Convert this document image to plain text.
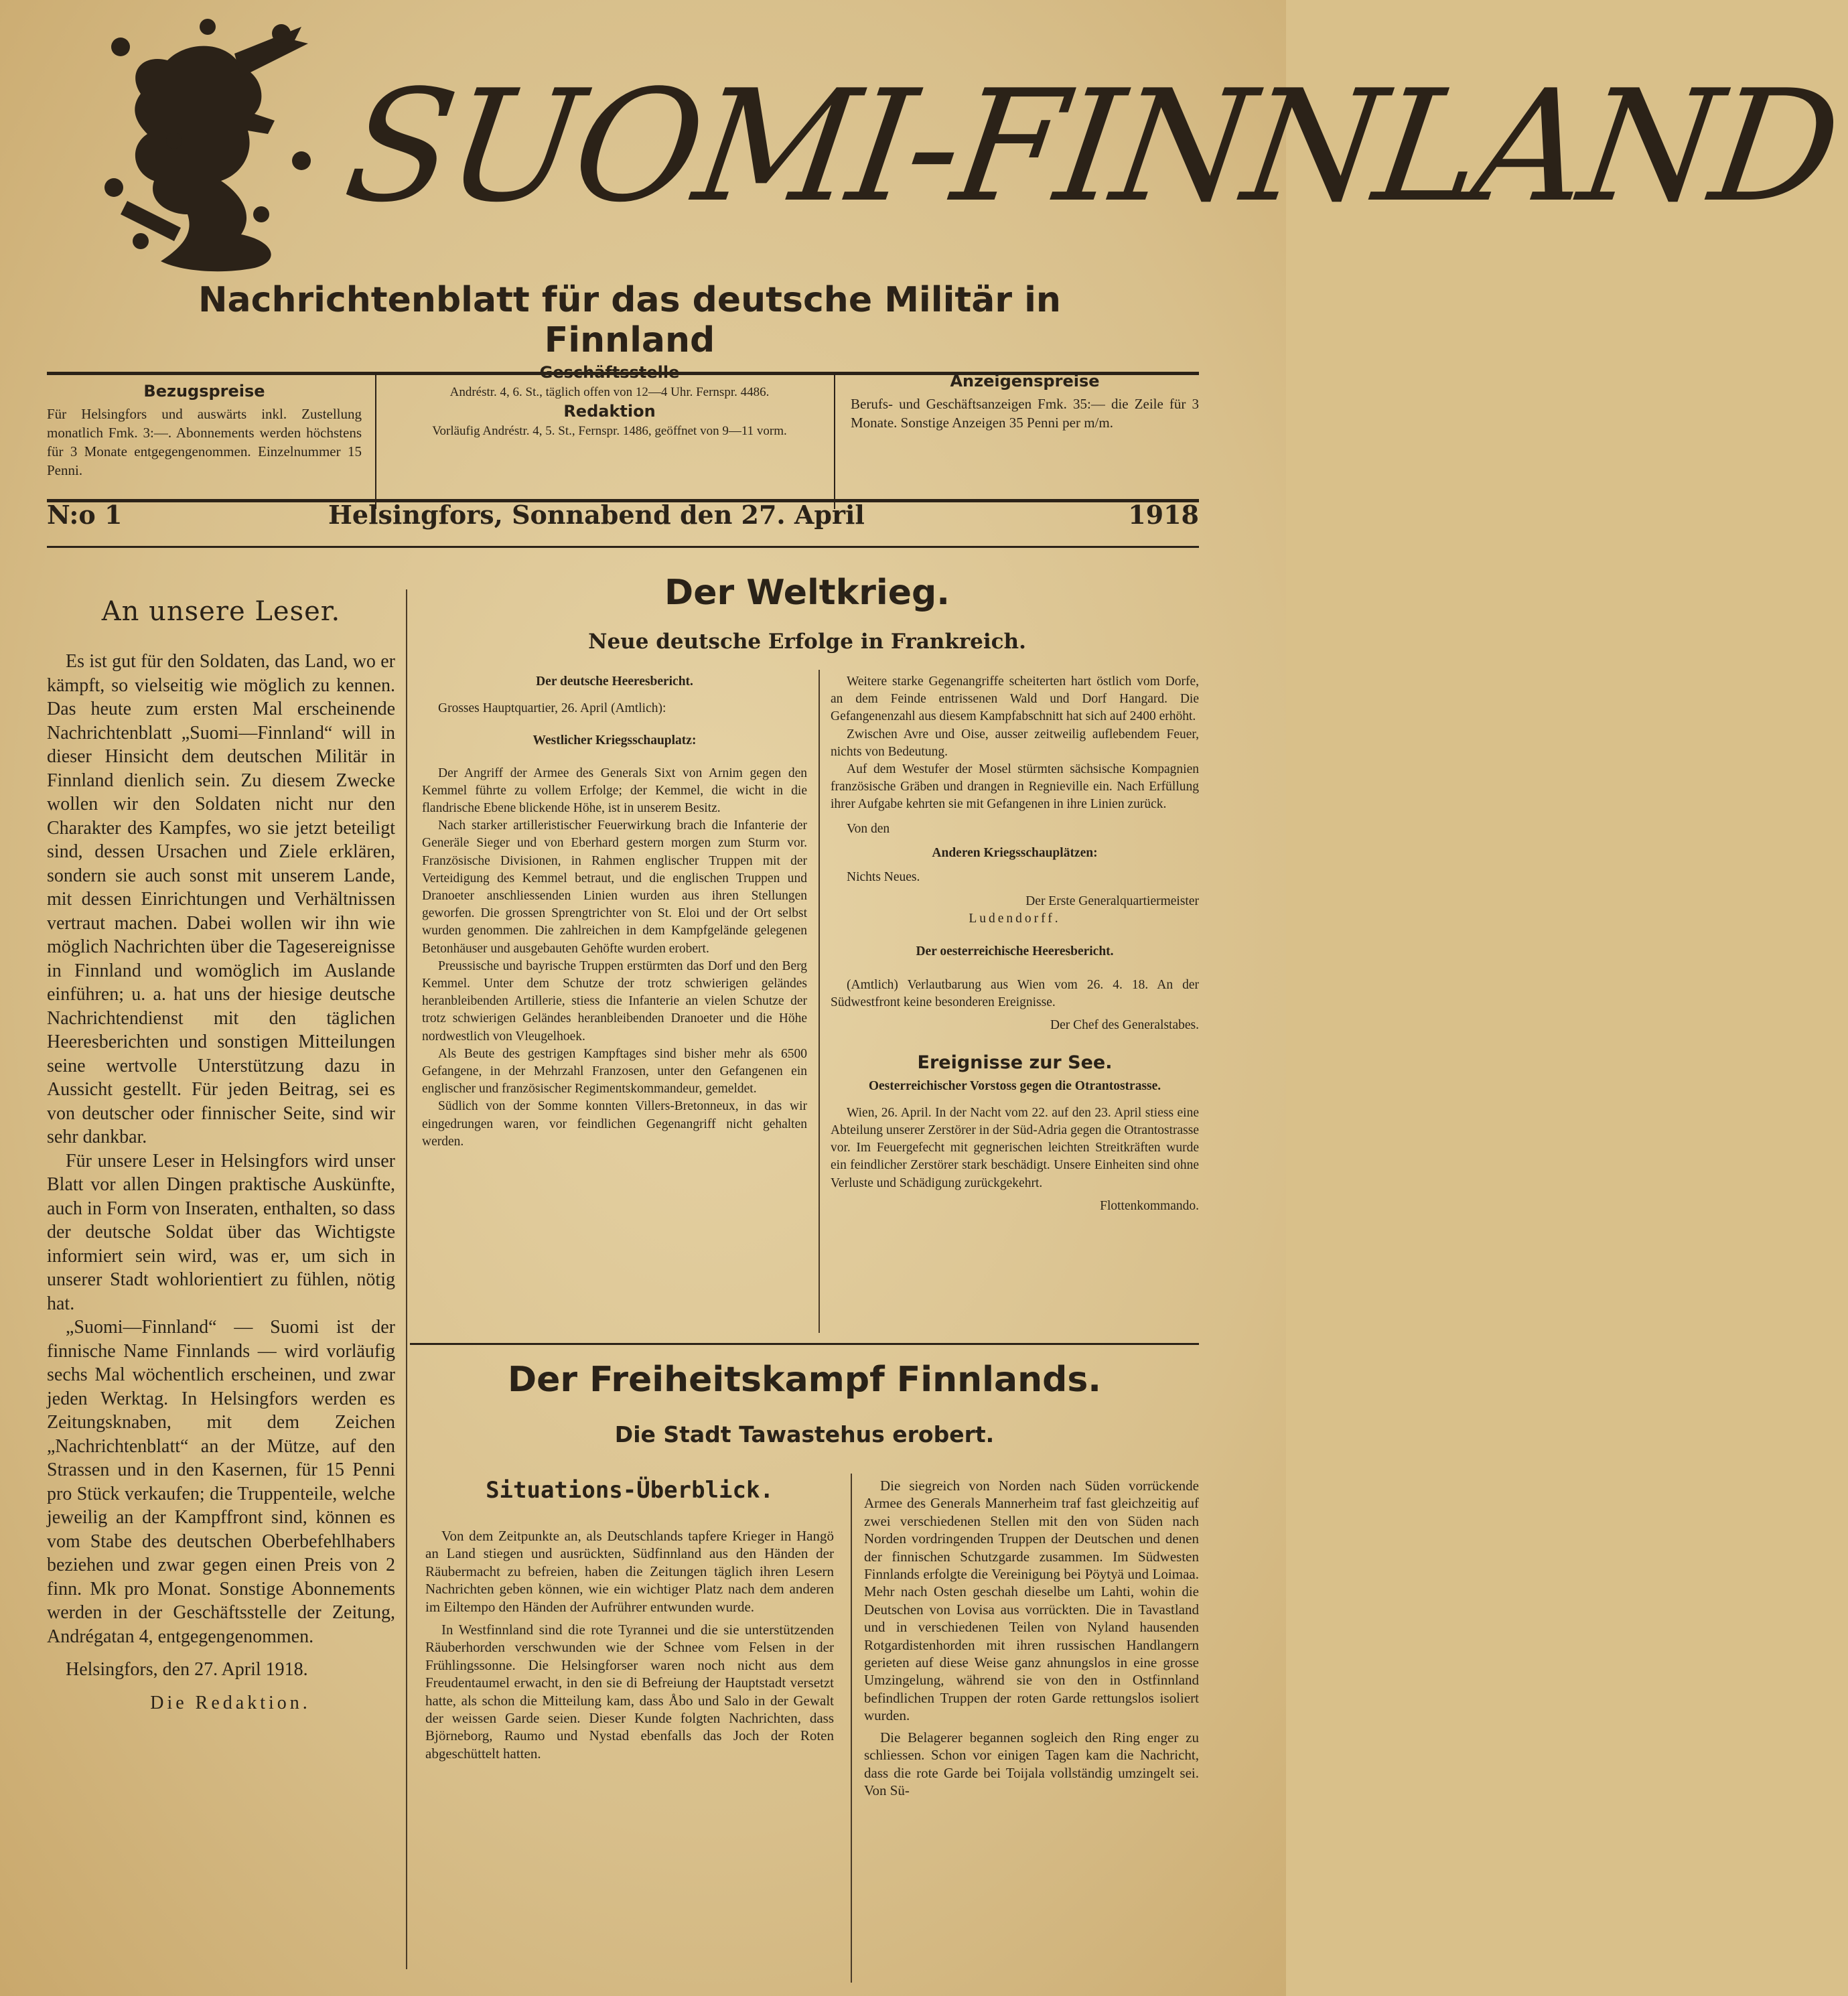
SUOMI-FINNLAND
Nachrichtenblatt für das deutsche Militär in Finnland
Bezugspreise
Für Helsingfors und auswärts inkl. Zustellung monatlich Fmk. 3:—. Abonnements werden höchstens für 3 Monate entgegengenommen. Einzelnummer 15 Penni.
Geschäftsstelle
Andréstr. 4, 6. St., täglich offen von 12—4 Uhr. Fernspr. 4486.
Redaktion
Vorläufig Andréstr. 4, 5. St., Fernspr. 1486, geöffnet von 9—11 vorm.
Anzeigenspreise
Berufs- und Geschäftsanzeigen Fmk. 35:— die Zeile für 3 Monate. Sonstige Anzeigen 35 Penni per m/m.
N:o 1	Helsingfors, Sonnabend den 27. April	1918
An unsere Leser.

Es ist gut für den Soldaten, das Land, wo er kämpft, so vielseitig wie möglich zu kennen. Das heute zum ersten Mal erscheinende Nachrichtenblatt „Suomi—Finnland“ will in dieser Hinsicht dem deutschen Militär in Finnland dienlich sein. Zu diesem Zwecke wollen wir den Soldaten nicht nur den Charakter des Kampfes, wo sie jetzt beteiligt sind, dessen Ursachen und Ziele erklären, sondern sie auch sonst mit unserem Lande, mit dessen Einrichtungen und Verhältnissen vertraut machen. Dabei wollen wir ihn wie möglich Nachrichten über die Tagesereignisse in Finnland und womöglich im Auslande einführen; u. a. hat uns der hiesige deutsche Nachrichtendienst mit den täglichen Heeresberichten und sonstigen Mitteilungen seine wertvolle Unterstützung dazu in Aussicht gestellt. Für jeden Beitrag, sei es von deutscher oder finnischer Seite, sind wir sehr dankbar.

Für unsere Leser in Helsingfors wird unser Blatt vor allen Dingen praktische Auskünfte, auch in Form von Inseraten, enthalten, so dass der deutsche Soldat über das Wichtigste informiert sein wird, was er, um sich in unserer Stadt wohlorientiert zu fühlen, nötig hat.

„Suomi—Finnland“ — Suomi ist der finnische Name Finnlands — wird vorläufig sechs Mal wöchentlich erscheinen, und zwar jeden Werktag. In Helsingfors werden es Zeitungsknaben, mit dem Zeichen „Nachrichtenblatt“ an der Mütze, auf den Strassen und in den Kasernen, für 15 Penni pro Stück verkaufen; die Truppenteile, welche jeweilig an der Kampffront sind, können es vom Stabe des deutschen Oberbefehlhabers beziehen und zwar gegen einen Preis von 2 finn. Mk pro Monat. Sonstige Abonnements werden in der Geschäftsstelle der Zeitung, Andrégatan 4, entgegengenommen.

Helsingfors, den 27. April 1918.

Die Redaktion.

Der Weltkrieg.
Neue deutsche Erfolge in Frankreich.

Der deutsche Heeresbericht.

Grosses Hauptquartier, 26. April (Amtlich):

Westlicher Kriegsschauplatz:

Der Angriff der Armee des Generals Sixt von Arnim gegen den Kemmel führte zu vollem Erfolge; der Kemmel, die wicht in die flandrische Ebene blickende Höhe, ist in unserem Besitz.

Nach starker artilleristischer Feuerwirkung brach die Infanterie der Generäle Sieger und von Eberhard gestern morgen zum Sturm vor. Französische Divisionen, in Rahmen englischer Truppen mit der Verteidigung des Kemmel betraut, und die englischen Truppen und Dranoeter anschliessenden Linien wurden aus ihren Stellungen geworfen. Die grossen Sprengtrichter von St. Eloi und der Ort selbst wurden genommen. Die zahlreichen in dem Kampfgelände gelegenen Betonhäuser und ausgebauten Gehöfte wurden erobert.

Preussische und bayrische Truppen erstürmten das Dorf und den Berg Kemmel. Unter dem Schutze der trotz schwierigen geländes heranbleibenden Artillerie, stiess die Infanterie an vielen Schutze der trotz schwierigen Geländes heranbleibenden Dranoeter und die Höhe nordwestlich von Vleugelhoek.

Als Beute des gestrigen Kampftages sind bisher mehr als 6500 Gefangene, in der Mehrzahl Franzosen, unter den Gefangenen ein englischer und französischer Regimentskommandeur, gemeldet.

Südlich von der Somme konnten Villers-Bretonneux, in das wir eingedrungen waren, vor feindlichen Gegenangriff nicht gehalten werden.

Weitere starke Gegenangriffe scheiterten hart östlich vom Dorfe, an dem Feinde entrissenen Wald und Dorf Hangard. Die Gefangenenzahl aus diesem Kampfabschnitt hat sich auf 2400 erhöht.

Zwischen Avre und Oise, ausser zeitweilig auflebendem Feuer, nichts von Bedeutung.

Auf dem Westufer der Mosel stürmten sächsische Kompagnien französische Gräben und drangen in Regnieville ein. Nach Erfüllung ihrer Aufgabe kehrten sie mit Gefangenen in ihre Linien zurück.

Von den

Anderen Kriegsschauplätzen:

Nichts Neues.

Der Erste Generalquartiermeister

Ludendorff.

Der oesterreichische Heeresbericht.

(Amtlich) Verlautbarung aus Wien vom 26. 4. 18. An der Südwestfront keine besonderen Ereignisse.

Der Chef des Generalstabes.

Ereignisse zur See.

Oesterreichischer Vorstoss gegen die Otrantostrasse.

Wien, 26. April. In der Nacht vom 22. auf den 23. April stiess eine Abteilung unserer Zerstörer in der Süd-Adria gegen die Otrantostrasse vor. Im Feuergefecht mit gegnerischen leichten Streitkräften wurde ein feindlicher Zerstörer stark beschädigt. Unsere Einheiten sind ohne Verluste und Schädigung zurückgekehrt.

Flottenkommando.

Der Freiheitskampf Finnlands.
Die Stadt Tawastehus erobert.
Situations-Überblick.

Von dem Zeitpunkte an, als Deutschlands tapfere Krieger in Hangö an Land stiegen und ausrückten, Südfinnland aus den Händen der Räubermacht zu befreien, haben die Zeitungen täglich ihren Lesern Nachrichten geben können, wie ein wichtiger Platz nach dem anderen im Eiltempo den Händen der Aufrührer entwunden wurde.

In Westfinnland sind die rote Tyrannei und die sie unterstützenden Räuberhorden verschwunden wie der Schnee vom Felsen in der Frühlingssonne. Die Helsingforser waren noch nicht aus dem Freudentaumel erwacht, in den sie di Befreiung der Hauptstadt versetzt hatte, als schon die Mitteilung kam, dass Åbo und Salo in der Gewalt der weissen Garde seien. Dieser Kunde folgten Nachrichten, dass Björneborg, Raumo und Nystad ebenfalls das Joch der Roten abgeschüttelt hatten.

Die siegreich von Norden nach Süden vorrückende Armee des Generals Mannerheim traf fast gleichzeitig auf zwei verschiedenen Stellen mit den von Süden nach Norden vordringenden Truppen der Deutschen und denen der finnischen Schutzgarde zusammen. Im Südwesten Finnlands erfolgte die Vereinigung bei Pöytyä und Loimaa. Mehr nach Osten geschah dieselbe um Lahti, wohin die Deutschen von Lovisa aus vorrückten. Die in Tavastland und in verschiedenen Teilen von Nyland hausenden Rotgardistenhorden mit ihren russischen Handlangern gerieten auf diese Weise ganz ahnungslos in eine grosse Umzingelung, während sie von den in Ostfinnland befindlichen Truppen der roten Garde rettungslos isoliert wurden.

Die Belagerer begannen sogleich den Ring enger zu schliessen. Schon vor einigen Tagen kam die Nachricht, dass die rote Garde bei Toijala vollständig umzingelt sei. Von Sü-
